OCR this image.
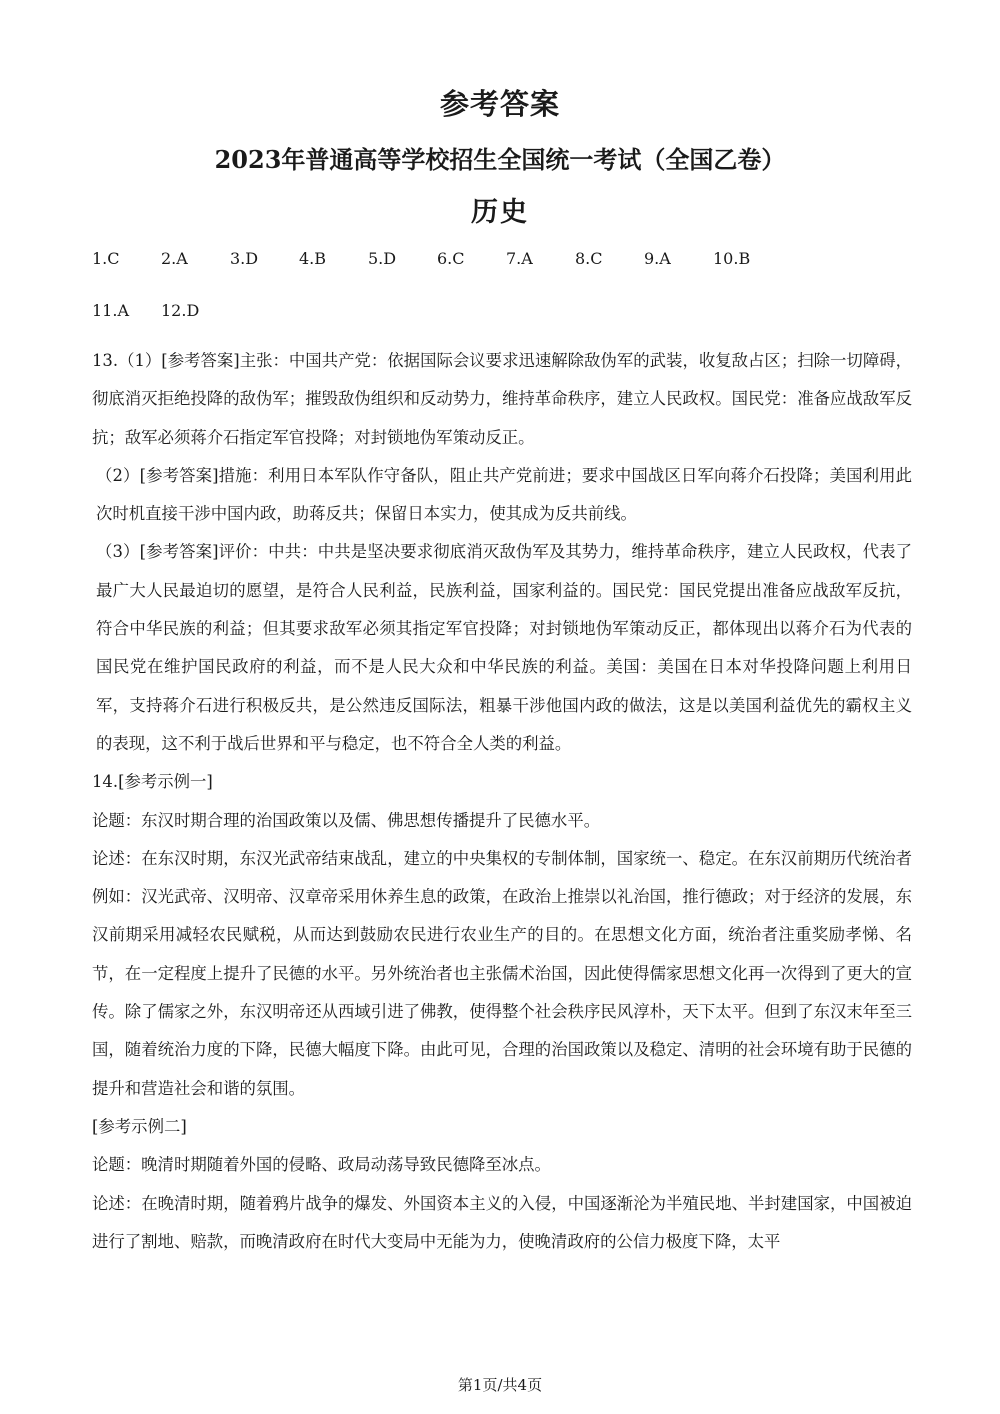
参考答案
2023年普通高等学校招生全国统一考试（全国乙卷）
历史
1.C	2.A	3.D	4.B	5.D	6.C	7.A	8.C	9.A	10.B
11.A 12.D

13.（1）[参考答案]主张：中国共产党：依据国际会议要求迅速解除敌伪军的武装，收复敌占区；扫除一切障碍，彻底消灭拒绝投降的敌伪军；摧毁敌伪组织和反动势力，维持革命秩序，建立人民政权。国民党：准备应战敌军反抗；敌军必须蒋介石指定军官投降；对封锁地伪军策动反正。

（2）[参考答案]措施：利用日本军队作守备队，阻止共产党前进；要求中国战区日军向蒋介石投降；美国利用此次时机直接干涉中国内政，助蒋反共；保留日本实力，使其成为反共前线。

（3）[参考答案]评价：中共：中共是坚决要求彻底消灭敌伪军及其势力，维持革命秩序，建立人民政权，代表了最广大人民最迫切的愿望，是符合人民利益，民族利益，国家利益的。国民党：国民党提出准备应战敌军反抗，符合中华民族的利益；但其要求敌军必须其指定军官投降；对封锁地伪军策动反正，都体现出以蒋介石为代表的国民党在维护国民政府的利益，而不是人民大众和中华民族的利益。美国：美国在日本对华投降问题上利用日军，支持蒋介石进行积极反共，是公然违反国际法，粗暴干涉他国内政的做法，这是以美国利益优先的霸权主义的表现，这不利于战后世界和平与稳定，也不符合全人类的利益。

14.[参考示例一]

论题：东汉时期合理的治国政策以及儒、佛思想传播提升了民德水平。

论述：在东汉时期，东汉光武帝结束战乱，建立的中央集权的专制体制，国家统一、稳定。在东汉前期历代统治者例如：汉光武帝、汉明帝、汉章帝采用休养生息的政策，在政治上推崇以礼治国，推行德政；对于经济的发展，东汉前期采用减轻农民赋税，从而达到鼓励农民进行农业生产的目的。在思想文化方面，统治者注重奖励孝悌、名节，在一定程度上提升了民德的水平。另外统治者也主张儒术治国，因此使得儒家思想文化再一次得到了更大的宣传。除了儒家之外，东汉明帝还从西域引进了佛教，使得整个社会秩序民风淳朴，天下太平。但到了东汉末年至三国，随着统治力度的下降，民德大幅度下降。由此可见，合理的治国政策以及稳定、清明的社会环境有助于民德的提升和营造社会和谐的氛围。

[参考示例二]

论题：晚清时期随着外国的侵略、政局动荡导致民德降至冰点。

论述：在晚清时期，随着鸦片战争的爆发、外国资本主义的入侵，中国逐渐沦为半殖民地、半封建国家，中国被迫进行了割地、赔款，而晚清政府在时代大变局中无能为力，使晚清政府的公信力极度下降，太平

第1页/共4页
